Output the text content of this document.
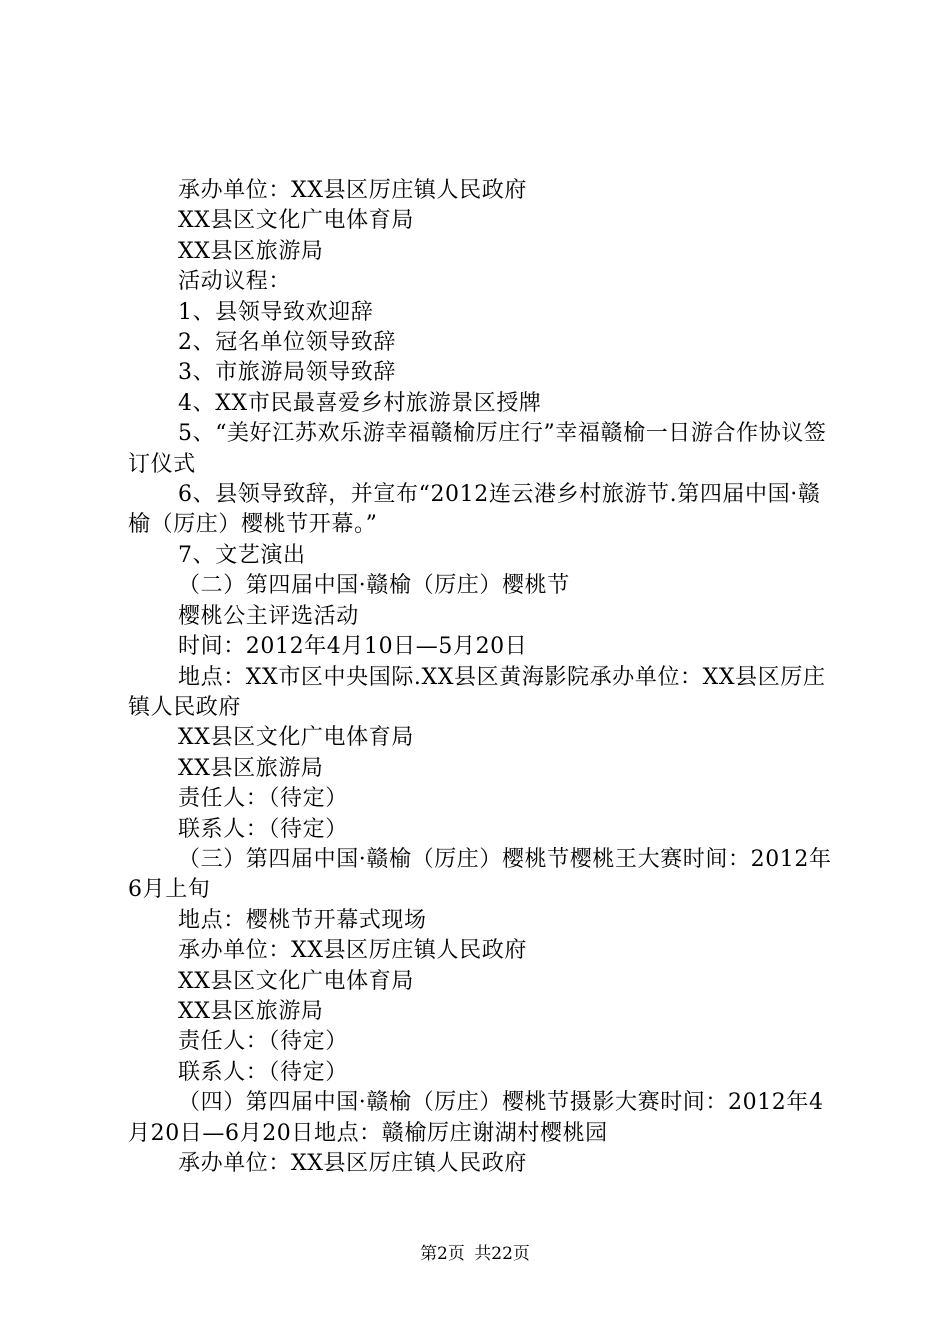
承办单位：XX县区厉庄镇人民政府

XX县区文化广电体育局

XX县区旅游局

活动议程：

1、县领导致欢迎辞

2、冠名单位领导致辞

3、市旅游局领导致辞

4、XX市民最喜爱乡村旅游景区授牌

5、“美好江苏欢乐游幸福赣榆厉庄行”幸福赣榆一日游合作协议签订仪式

6、县领导致辞，并宣布“2012连云港乡村旅游节.第四届中国·赣榆（厉庄）樱桃节开幕。”

7、文艺演出

（二）第四届中国·赣榆（厉庄）樱桃节

樱桃公主评选活动

时间：2012年4月10日—5月20日

地点：XX市区中央国际.XX县区黄海影院承办单位：XX县区厉庄镇人民政府

XX县区文化广电体育局

XX县区旅游局

责任人：（待定）

联系人：（待定）

（三）第四届中国·赣榆（厉庄）樱桃节樱桃王大赛时间：2012年6月上旬

地点：樱桃节开幕式现场

承办单位：XX县区厉庄镇人民政府

XX县区文化广电体育局

XX县区旅游局

责任人：（待定）

联系人：（待定）

（四）第四届中国·赣榆（厉庄）樱桃节摄影大赛时间：2012年4月20日—6月20日地点：赣榆厉庄谢湖村樱桃园

承办单位：XX县区厉庄镇人民政府

第2页 共22页
